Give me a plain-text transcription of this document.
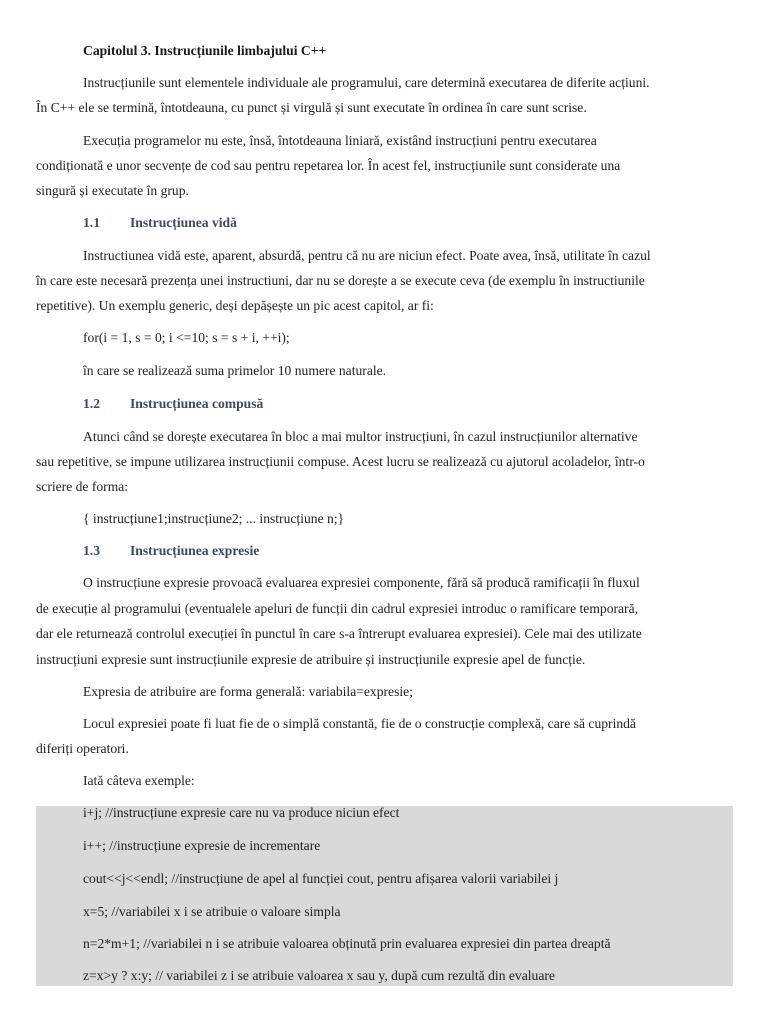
Capitolul 3. Instrucțiunile limbajului C++
Instrucțiunile sunt elementele individuale ale programului, care determină executarea de diferite acțiuni.
În C++ ele se termină, întotdeauna, cu punct și virgulă și sunt executate în ordinea în care sunt scrise.
Execuția programelor nu este, însă, întotdeauna liniară, existând instrucțiuni pentru executarea
condiționată e unor secvențe de cod sau pentru repetarea lor. În acest fel, instrucțiunile sunt considerate una
singură și executate în grup.
1.1 Instrucțiunea vidă
Instructiunea vidă este, aparent, absurdă, pentru că nu are niciun efect. Poate avea, însă, utilitate în cazul
în care este necesară prezența unei instructiuni, dar nu se dorește a se execute ceva (de exemplu în instructiunile
repetitive). Un exemplu generic, deși depășește un pic acest capitol, ar fi:
for(i = 1, s = 0; i <=10; s = s + i, ++i);
în care se realizează suma primelor 10 numere naturale.
1.2 Instrucțiunea compusă
Atunci când se dorește executarea în bloc a mai multor instrucțiuni, în cazul instrucțiunilor alternative
sau repetitive, se impune utilizarea instrucțiunii compuse. Acest lucru se realizează cu ajutorul acoladelor, într-o
scriere de forma:
{ instrucțiune1;instrucțiune2; ... instrucțiune n;}
1.3 Instrucțiunea expresie
O instrucțiune expresie provoacă evaluarea expresiei componente, fără să producă ramificații în fluxul
de execuție al programului (eventualele apeluri de funcții din cadrul expresiei introduc o ramificare temporară,
dar ele returnează controlul execuției în punctul în care s-a întrerupt evaluarea expresiei). Cele mai des utilizate
instrucțiuni expresie sunt instrucțiunile expresie de atribuire și instrucțiunile expresie apel de funcție.
Expresia de atribuire are forma generală: variabila=expresie;
Locul expresiei poate fi luat fie de o simplă constantă, fie de o construcție complexă, care să cuprindă
diferiți operatori.
Iată câteva exemple:
i+j; //instrucțiune expresie care nu va produce niciun efect
i++; //instrucțiune expresie de incrementare
cout<<j<<endl; //instrucțiune de apel al funcției cout, pentru afișarea valorii variabilei j
x=5; //variabilei x i se atribuie o valoare simpla
n=2*m+1; //variabilei n i se atribuie valoarea obținută prin evaluarea expresiei din partea dreaptă
z=x>y ? x:y; // variabilei z i se atribuie valoarea x sau y, după cum rezultă din evaluare
